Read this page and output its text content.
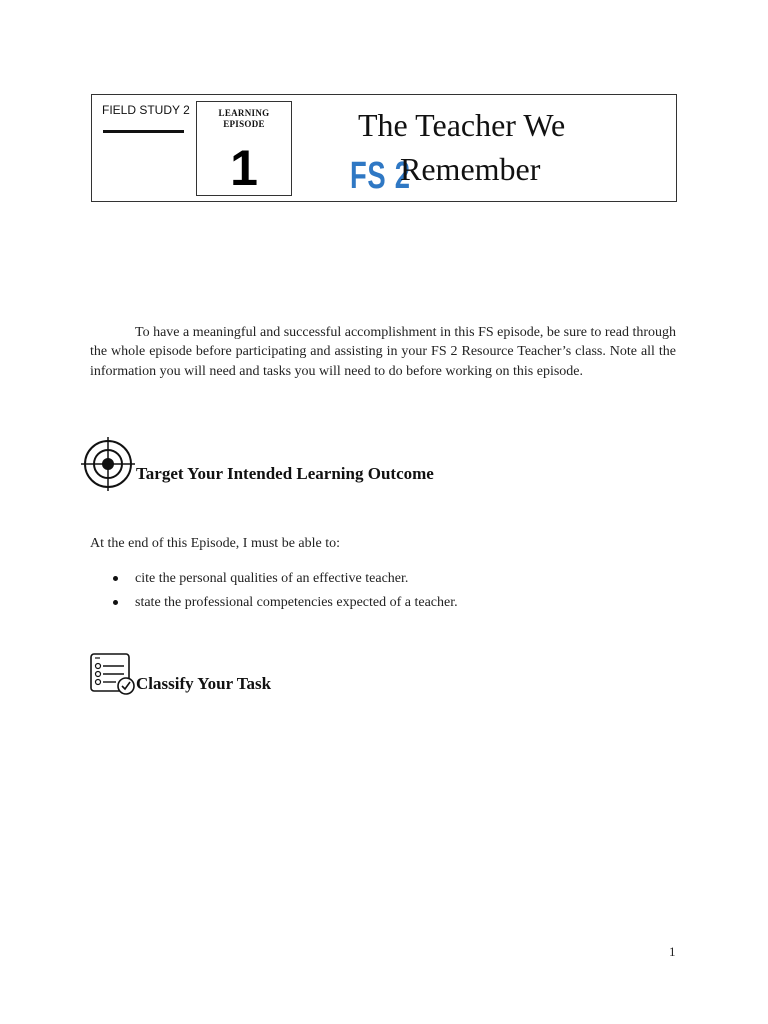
FIELD STUDY 2	LEARNING
EPISODE
1	FS 2
The Teacher We
Remember

To have a meaningful and successful accomplishment in this FS episode, be sure to read through the whole episode before participating and assisting in your FS 2 Resource Teacher’s class. Note all the information you will need and tasks you will need to do before working on this episode.

Target Your Intended Learning Outcome
At the end of this Episode, I must be able to:
cite the personal qualities of an effective teacher.
state the professional competencies expected of a teacher.
Classify Your Task
1
